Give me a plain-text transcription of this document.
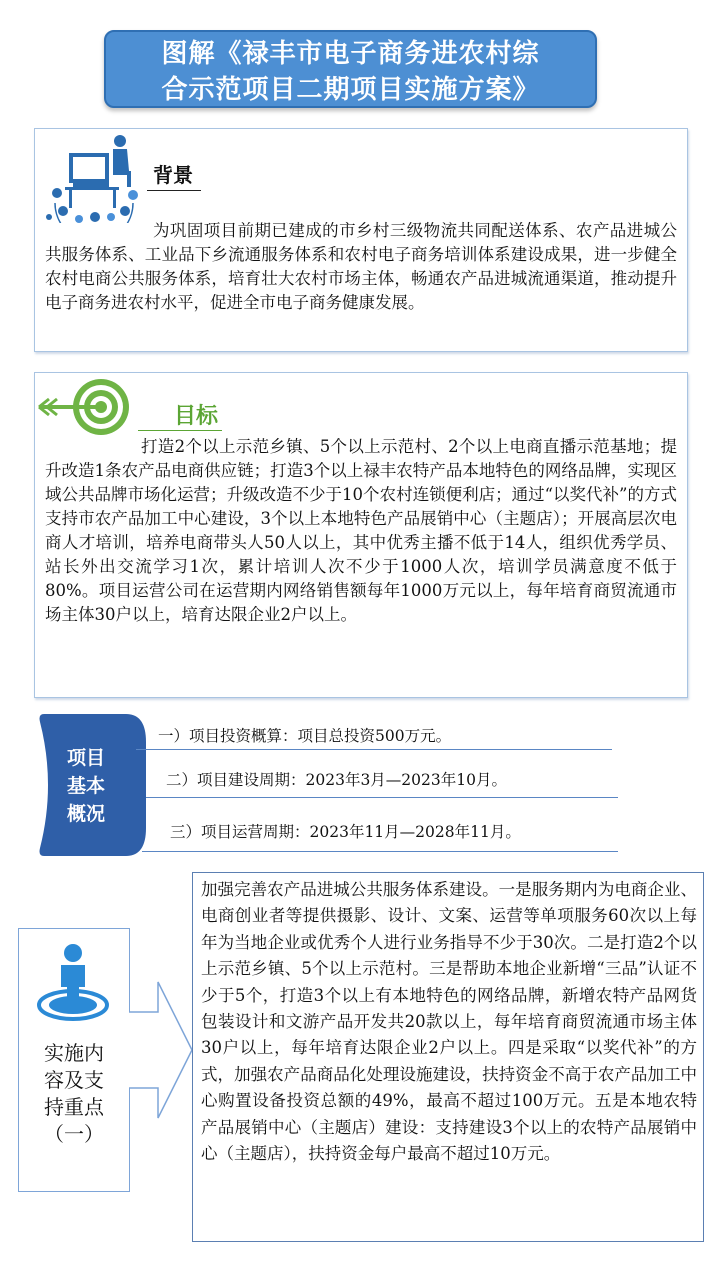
图解《禄丰市电子商务进农村综
合示范项目二期项目实施方案》
背景
为巩固项目前期已建成的市乡村三级物流共同配送体系、农产品进城公共服务体系、工业品下乡流通服务体系和农村电子商务培训体系建设成果，进一步健全农村电商公共服务体系，培育壮大农村市场主体，畅通农产品进城流通渠道，推动提升电子商务进农村水平，促进全市电子商务健康发展。
目标
打造2个以上示范乡镇、5个以上示范村、2个以上电商直播示范基地；提升改造1条农产品电商供应链；打造3个以上禄丰农特产品本地特色的网络品牌，实现区域公共品牌市场化运营；升级改造不少于10个农村连锁便利店；通过“以奖代补”的方式支持市农产品加工中心建设，3个以上本地特色产品展销中心（主题店）；开展高层次电商人才培训，培养电商带头人50人以上，其中优秀主播不低于14人，组织优秀学员、站长外出交流学习1次，累计培训人次不少于1000人次，培训学员满意度不低于80%。项目运营公司在运营期内网络销售额每年1000万元以上，每年培育商贸流通市场主体30户以上，培育达限企业2户以上。
项目
基本
概况
一）项目投资概算：项目总投资500万元。
二）项目建设周期：2023年3月—2023年10月。
三）项目运营周期：2023年11月—2028年11月。
实施内
容及支
持重点
（一）
加强完善农产品进城公共服务体系建设。一是服务期内为电商企业、电商创业者等提供摄影、设计、文案、运营等单项服务60次以上每年为当地企业或优秀个人进行业务指导不少于30次。二是打造2个以上示范乡镇、5个以上示范村。三是帮助本地企业新增“三品”认证不少于5个，打造3个以上有本地特色的网络品牌，新增农特产品网货包装设计和文游产品开发共20款以上，每年培育商贸流通市场主体30户以上，每年培育达限企业2户以上。四是采取“以奖代补”的方式，加强农产品商品化处理设施建设，扶持资金不高于农产品加工中心购置设备投资总额的49%，最高不超过100万元。五是本地农特产品展销中心（主题店）建设：支持建设3个以上的农特产品展销中心（主题店），扶持资金每户最高不超过10万元。
